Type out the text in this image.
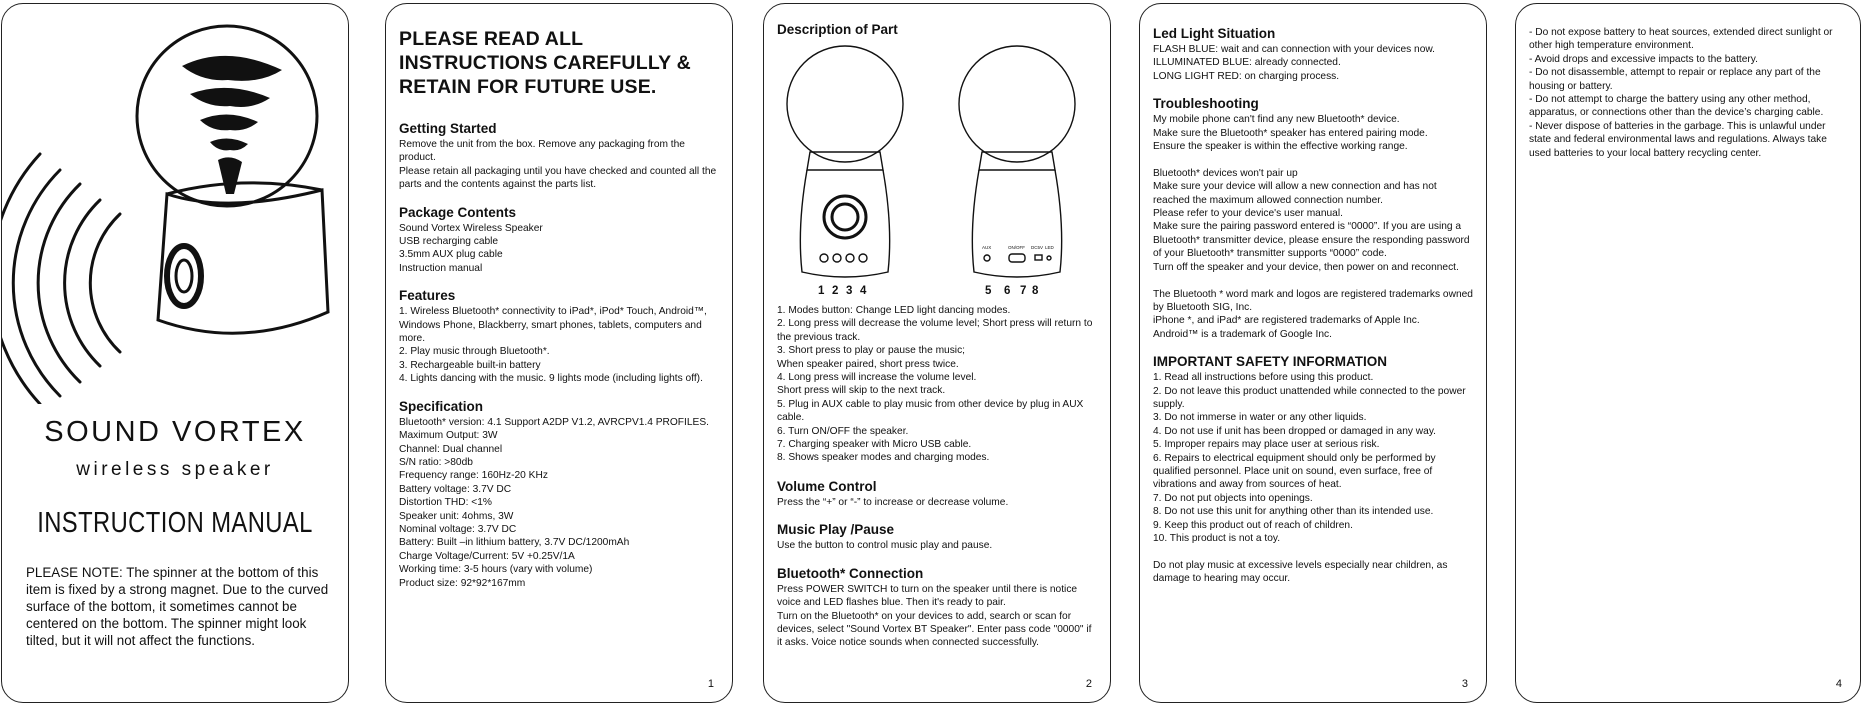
SOUND VORTEX
wireless speaker
INSTRUCTION MANUAL
PLEASE NOTE: The spinner at the bottom of this item is fixed by a strong magnet. Due to the curved surface of the bottom, it sometimes cannot be centered on the bottom. The spinner might look tilted, but it will not affect the functions.
PLEASE READ ALL INSTRUCTIONS CAREFULLY & RETAIN FOR FUTURE USE.
Getting Started
Remove the unit from the box. Remove any packaging from the product.
Please retain all packaging until you have checked and counted all the parts and the contents against the parts list.
Package Contents
Sound Vortex Wireless Speaker
USB recharging cable
3.5mm AUX plug cable
Instruction manual
Features
1. Wireless Bluetooth* connectivity to iPad*, iPod* Touch, Android™, Windows Phone, Blackberry, smart phones, tablets, computers and more.
2. Play music through Bluetooth*.
3. Rechargeable built-in battery
4. Lights dancing with the music. 9 lights mode (including lights off).
Specification
Bluetooth* version: 4.1 Support A2DP V1.2, AVRCPV1.4 PROFILES.
Maximum Output: 3W
Channel: Dual channel
S/N ratio: >80db
Frequency range: 160Hz-20 KHz
Battery voltage: 3.7V DC
Distortion THD: <1%
Speaker unit: 4ohms, 3W
Nominal voltage: 3.7V DC
Battery: Built –in lithium battery, 3.7V DC/1200mAh
Charge Voltage/Current: 5V +0.25V/1A
Working time: 3-5 hours (vary with volume)
Product size: 92*92*167mm
1
Description of Part
AUX	ON/OFF DC5V LED
1 2 3 4	5 6 7 8
1. Modes button: Change LED light dancing modes.
2. Long press will decrease the volume level; Short press will return to the previous track.
3. Short press to play or pause the music;
When speaker paired, short press twice.
4. Long press will increase the volume level.
Short press will skip to the next track.
5. Plug in AUX cable to play music from other device by plug in AUX cable.
6. Turn ON/OFF the speaker.
7. Charging speaker with Micro USB cable.
8. Shows speaker modes and charging modes.
Volume Control
Press the “+” or “-” to increase or decrease volume.
Music Play /Pause
Use the button to control music play and pause.
Bluetooth* Connection
Press POWER SWITCH to turn on the speaker until there is notice voice and LED flashes blue. Then it's ready to pair.
Turn on the Bluetooth* on your devices to add, search or scan for devices, select "Sound Vortex BT Speaker". Enter pass code "0000" if it asks. Voice notice sounds when connected successfully.
2
Led Light Situation
FLASH BLUE: wait and can connection with your devices now.
ILLUMINATED BLUE: already connected.
LONG LIGHT RED: on charging process.
Troubleshooting
My mobile phone can't find any new Bluetooth* device.
Make sure the Bluetooth* speaker has entered pairing mode.
Ensure the speaker is within the effective working range.

Bluetooth* devices won't pair up
Make sure your device will allow a new connection and has not reached the maximum allowed connection number.
Please refer to your device's user manual.
Make sure the pairing password entered is “0000”. If you are using a Bluetooth* transmitter device, please ensure the responding password of your Bluetooth* transmitter supports “0000” code.
Turn off the speaker and your device, then power on and reconnect.

The Bluetooth * word mark and logos are registered trademarks owned by Bluetooth SIG, Inc.
iPhone *, and iPad* are registered trademarks of Apple Inc.
Android™ is a trademark of Google Inc.
IMPORTANT SAFETY INFORMATION
1. Read all instructions before using this product.
2. Do not leave this product unattended while connected to the power supply.
3. Do not immerse in water or any other liquids.
4. Do not use if unit has been dropped or damaged in any way.
5. Improper repairs may place user at serious risk.
6. Repairs to electrical equipment should only be performed by qualified personnel. Place unit on sound, even surface, free of vibrations and away from sources of heat.
7. Do not put objects into openings.
8. Do not use this unit for anything other than its intended use.
9. Keep this product out of reach of children.
10. This product is not a toy.

Do not play music at excessive levels especially near children, as damage to hearing may occur.
3
- Do not expose battery to heat sources, extended direct sunlight or other high temperature environment.
- Avoid drops and excessive impacts to the battery.
- Do not disassemble, attempt to repair or replace any part of the housing or battery.
- Do not attempt to charge the battery using any other method, apparatus, or connections other than the device’s charging cable.
- Never dispose of batteries in the garbage. This is unlawful under state and federal environmental laws and regulations. Always take used batteries to your local battery recycling center.
4
